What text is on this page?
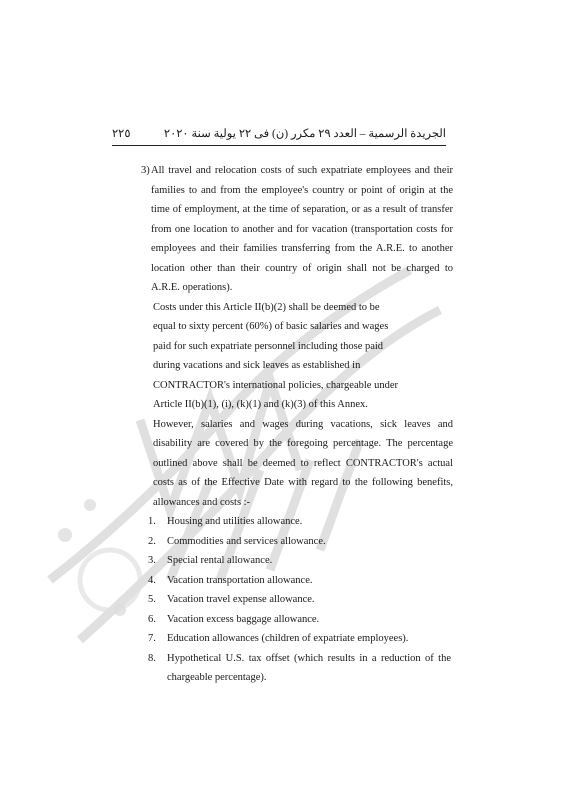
٢٢٥	الجريدة الرسمية – العدد ٢٩ مكرر (ن) فى ٢٢ يولية سنة ٢٠٢٠
3) All travel and relocation costs of such expatriate employees and their families to and from the employee's country or point of origin at the time of employment, at the time of separation, or as a result of transfer from one location to another and for vacation (transportation costs for employees and their families transferring from the A.R.E. to another location other than their country of origin shall not be charged to A.R.E. operations).
Costs under this Article II(b)(2) shall be deemed to be equal to sixty percent (60%) of basic salaries and wages paid for such expatriate personnel including those paid during vacations and sick leaves as established in CONTRACTOR's international policies, chargeable under Article II(b)(1), (i), (k)(1) and (k)(3) of this Annex.
However, salaries and wages during vacations, sick leaves and disability are covered by the foregoing percentage. The percentage outlined above shall be deemed to reflect CONTRACTOR's actual costs as of the Effective Date with regard to the following benefits, allowances and costs :-
1. Housing and utilities allowance.
2. Commodities and services allowance.
3. Special rental allowance.
4. Vacation transportation allowance.
5. Vacation travel expense allowance.
6. Vacation excess baggage allowance.
7. Education allowances (children of expatriate employees).
8. Hypothetical U.S. tax offset (which results in a reduction of the chargeable percentage).
